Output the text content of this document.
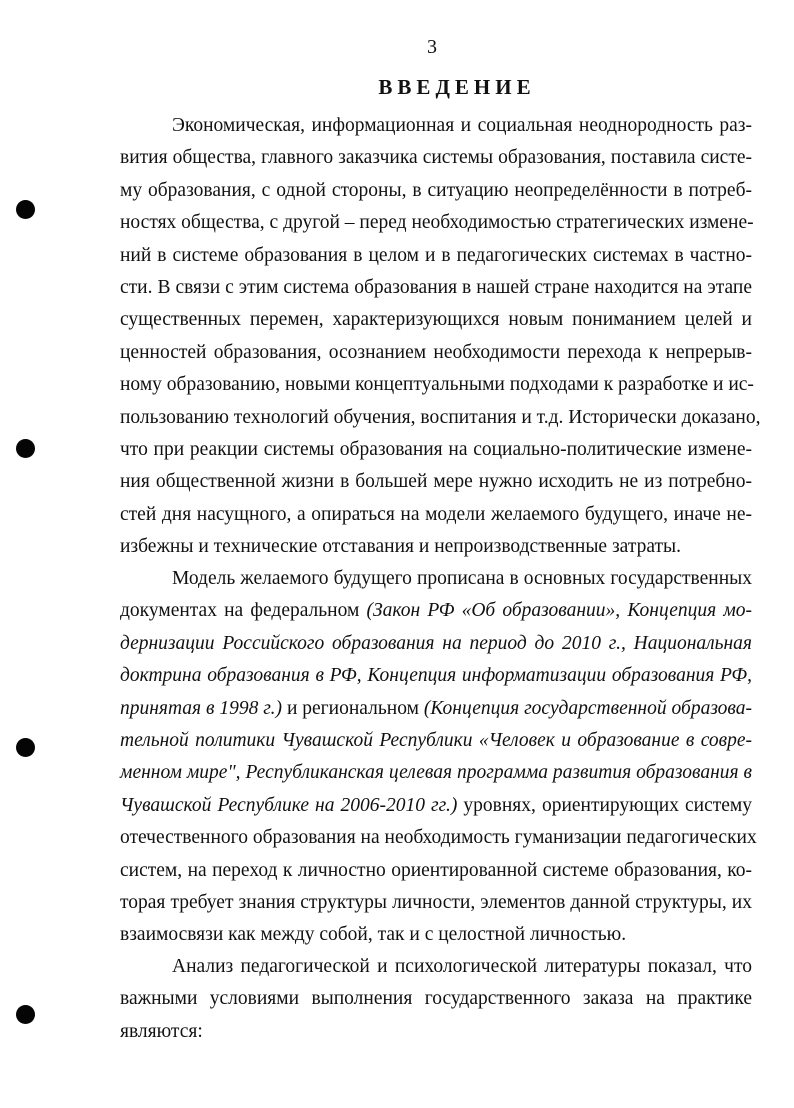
3
ВВЕДЕНИЕ
Экономическая, информационная и социальная неоднородность раз-
вития общества, главного заказчика системы образования, поставила систе-
му образования, с одной стороны, в ситуацию неопределённости в потреб-
ностях общества, с другой – перед необходимостью стратегических измене-
ний в системе образования в целом и в педагогических системах в частно-
сти. В связи с этим система образования в нашей стране находится на этапе
существенных перемен, характеризующихся новым пониманием целей и
ценностей образования, осознанием необходимости перехода к непрерыв-
ному образованию, новыми концептуальными подходами к разработке и ис-
пользованию технологий обучения, воспитания и т.д. Исторически доказано,
что при реакции системы образования на социально-политические измене-
ния общественной жизни в большей мере нужно исходить не из потребно-
стей дня насущного, а опираться на модели желаемого будущего, иначе не-
избежны и технические отставания и непроизводственные затраты.
Модель желаемого будущего прописана в основных государственных
документах на федеральном (Закон РФ «Об образовании», Концепция мо-
дернизации Российского образования на период до 2010 г., Национальная
доктрина образования в РФ, Концепция информатизации образования РФ,
принятая в 1998 г.) и региональном (Концепция государственной образова-
тельной политики Чувашской Республики «Человек и образование в совре-
менном мире", Республиканская целевая программа развития образования в
Чувашской Республике на 2006-2010 гг.) уровнях, ориентирующих систему
отечественного образования на необходимость гуманизации педагогических
систем, на переход к личностно ориентированной системе образования, ко-
торая требует знания структуры личности, элементов данной структуры, их
взаимосвязи как между собой, так и с целостной личностью.
Анализ педагогической и психологической литературы показал, что
важными условиями выполнения государственного заказа на практике
являются:
